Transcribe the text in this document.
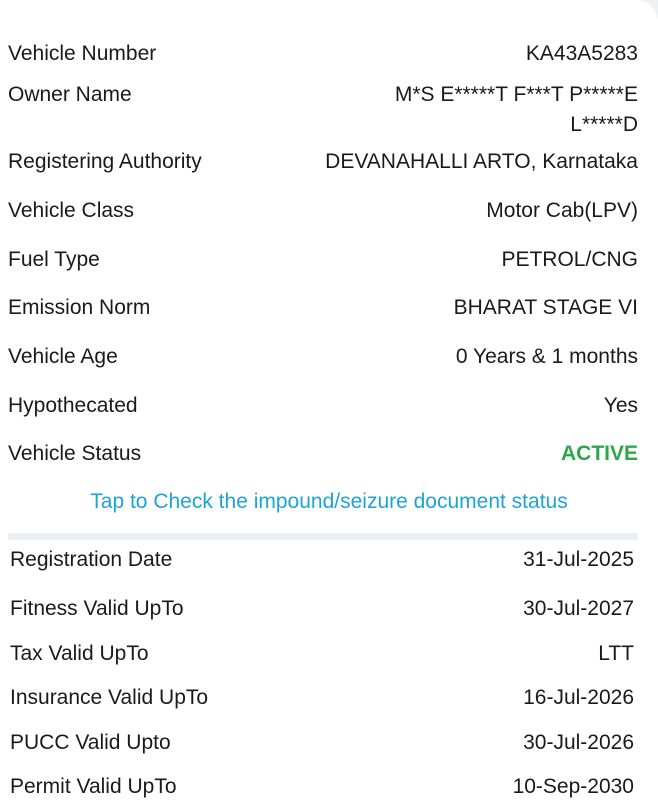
Vehicle Number	KA43A5283
Owner Name	M*S E*****T F***T P*****E L*****D
Registering Authority	DEVANAHALLI ARTO, Karnataka
Vehicle Class	Motor Cab(LPV)
Fuel Type	PETROL/CNG
Emission Norm	BHARAT STAGE VI
Vehicle Age	0 Years & 1 months
Hypothecated	Yes
Vehicle Status	ACTIVE
Tap to Check the impound/seizure document status
Registration Date	31-Jul-2025
Fitness Valid UpTo	30-Jul-2027
Tax Valid UpTo	LTT
Insurance Valid UpTo	16-Jul-2026
PUCC Valid Upto	30-Jul-2026
Permit Valid UpTo	10-Sep-2030
